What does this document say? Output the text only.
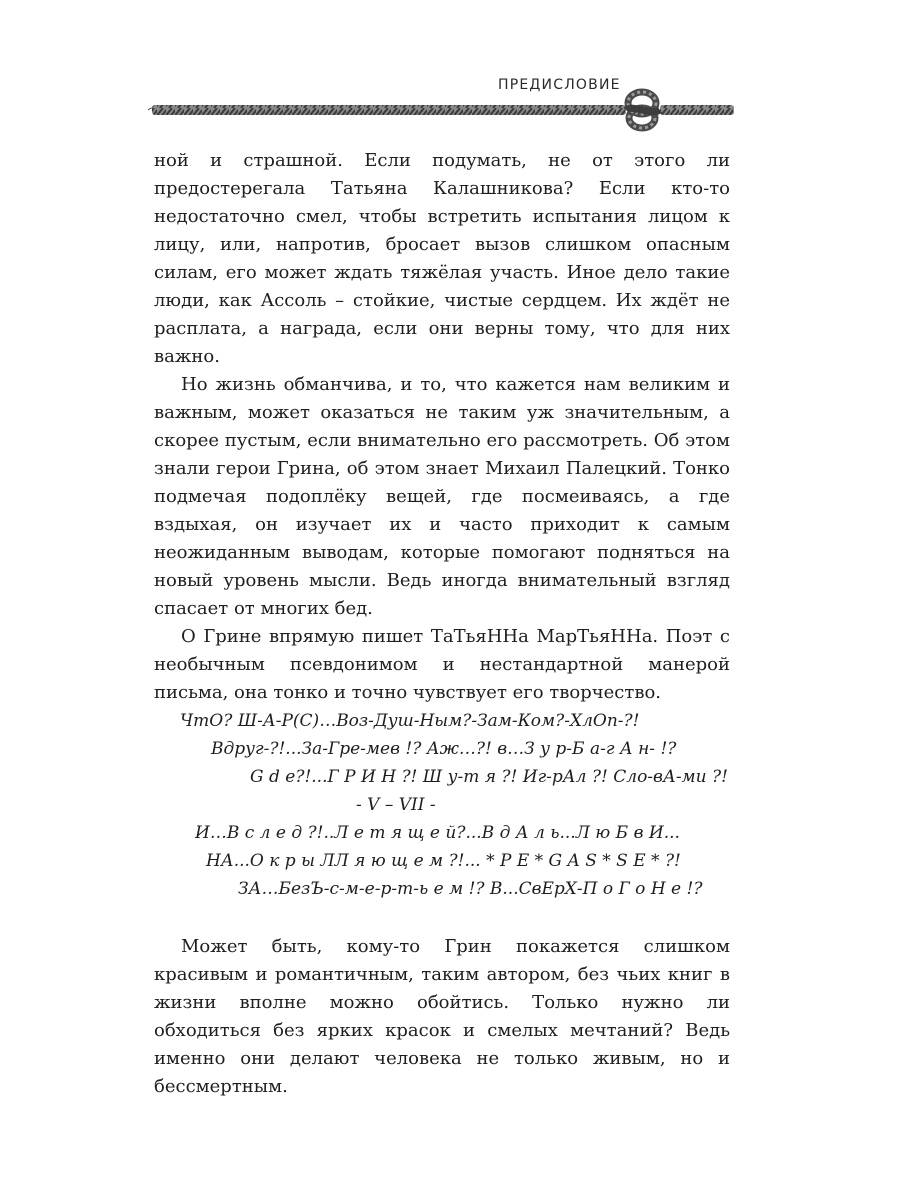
ПРЕДИСЛОВИЕ

ной и страшной. Если подумать, не от этого ли предостерегала Татьяна Калашникова? Если кто-то недостаточно смел, чтобы встретить испытания лицом к лицу, или, напротив, бросает вызов слишком опасным силам, его может ждать тяжёлая участь. Иное дело такие люди, как Ассоль – стойкие, чистые сердцем. Их ждёт не расплата, а награда, если они верны тому, что для них важно.

Но жизнь обманчива, и то, что кажется нам великим и важным, может оказаться не таким уж значительным, а скорее пустым, если внимательно его рассмотреть. Об этом знали герои Грина, об этом знает Михаил Палецкий. Тонко подмечая подоплёку вещей, где посмеиваясь, а где вздыхая, он изучает их и часто приходит к самым неожиданным выводам, которые помогают подняться на новый уровень мысли. Ведь иногда внимательный взгляд спасает от многих бед.

О Грине впрямую пишет ТаТьяННа МарТьяННа. Поэт с необычным псевдонимом и нестандартной манерой письма, она тонко и точно чувствует его творчество.

ЧтО? Ш-А-Р(С)…Воз-Душ-Ным?-Зам-Ком?-ХлОп-?!
Вдруг-?!...За-Гре-мев !? Аж…?! в…З у р-Б а-г А н- !?
G d e?!...Г Р И Н ?! Ш у-т я ?! Иг-рАл ?! Сло-вА-ми ?!
- V – VII -
И…В с л е д ?!..Л е т я щ е й?...В д А л ь...Л ю Б в И...
НА...О к р ы ЛЛ я ю щ е м ?!... * P E * G A S * S E * ?!
ЗА…БезЪ-с-м-е-р-т-ь е м !? В...СвЕрХ-П о Г о Н е !?

Может быть, кому-то Грин покажется слишком красивым и романтичным, таким автором, без чьих книг в жизни вполне можно обойтись. Только нужно ли обходиться без ярких красок и смелых мечтаний? Ведь именно они делают человека не только живым, но и бессмертным.
